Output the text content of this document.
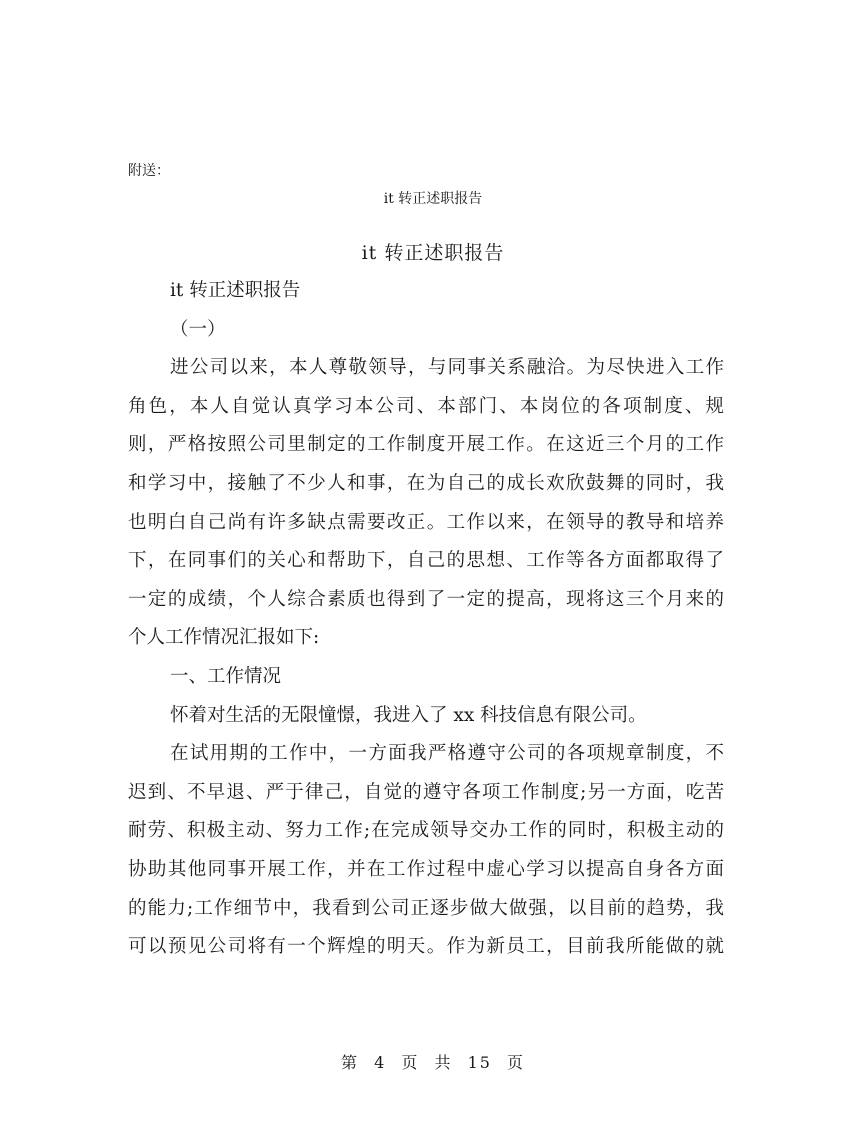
附送：
it 转正述职报告
it 转正述职报告
it 转正述职报告
（一）
进公司以来，本人尊敬领导，与同事关系融洽。为尽快进入工作
角色，本人自觉认真学习本公司、本部门、本岗位的各项制度、规
则，严格按照公司里制定的工作制度开展工作。在这近三个月的工作
和学习中，接触了不少人和事，在为自己的成长欢欣鼓舞的同时，我
也明白自己尚有许多缺点需要改正。工作以来，在领导的教导和培养
下，在同事们的关心和帮助下，自己的思想、工作等各方面都取得了
一定的成绩，个人综合素质也得到了一定的提高，现将这三个月来的
个人工作情况汇报如下:
一、工作情况
怀着对生活的无限憧憬，我进入了 xx 科技信息有限公司。
在试用期的工作中，一方面我严格遵守公司的各项规章制度，不
迟到、不早退、严于律己，自觉的遵守各项工作制度;另一方面，吃苦
耐劳、积极主动、努力工作;在完成领导交办工作的同时，积极主动的
协助其他同事开展工作，并在工作过程中虚心学习以提高自身各方面
的能力;工作细节中，我看到公司正逐步做大做强，以目前的趋势，我
可以预见公司将有一个辉煌的明天。作为新员工，目前我所能做的就
第 4 页 共 15 页
